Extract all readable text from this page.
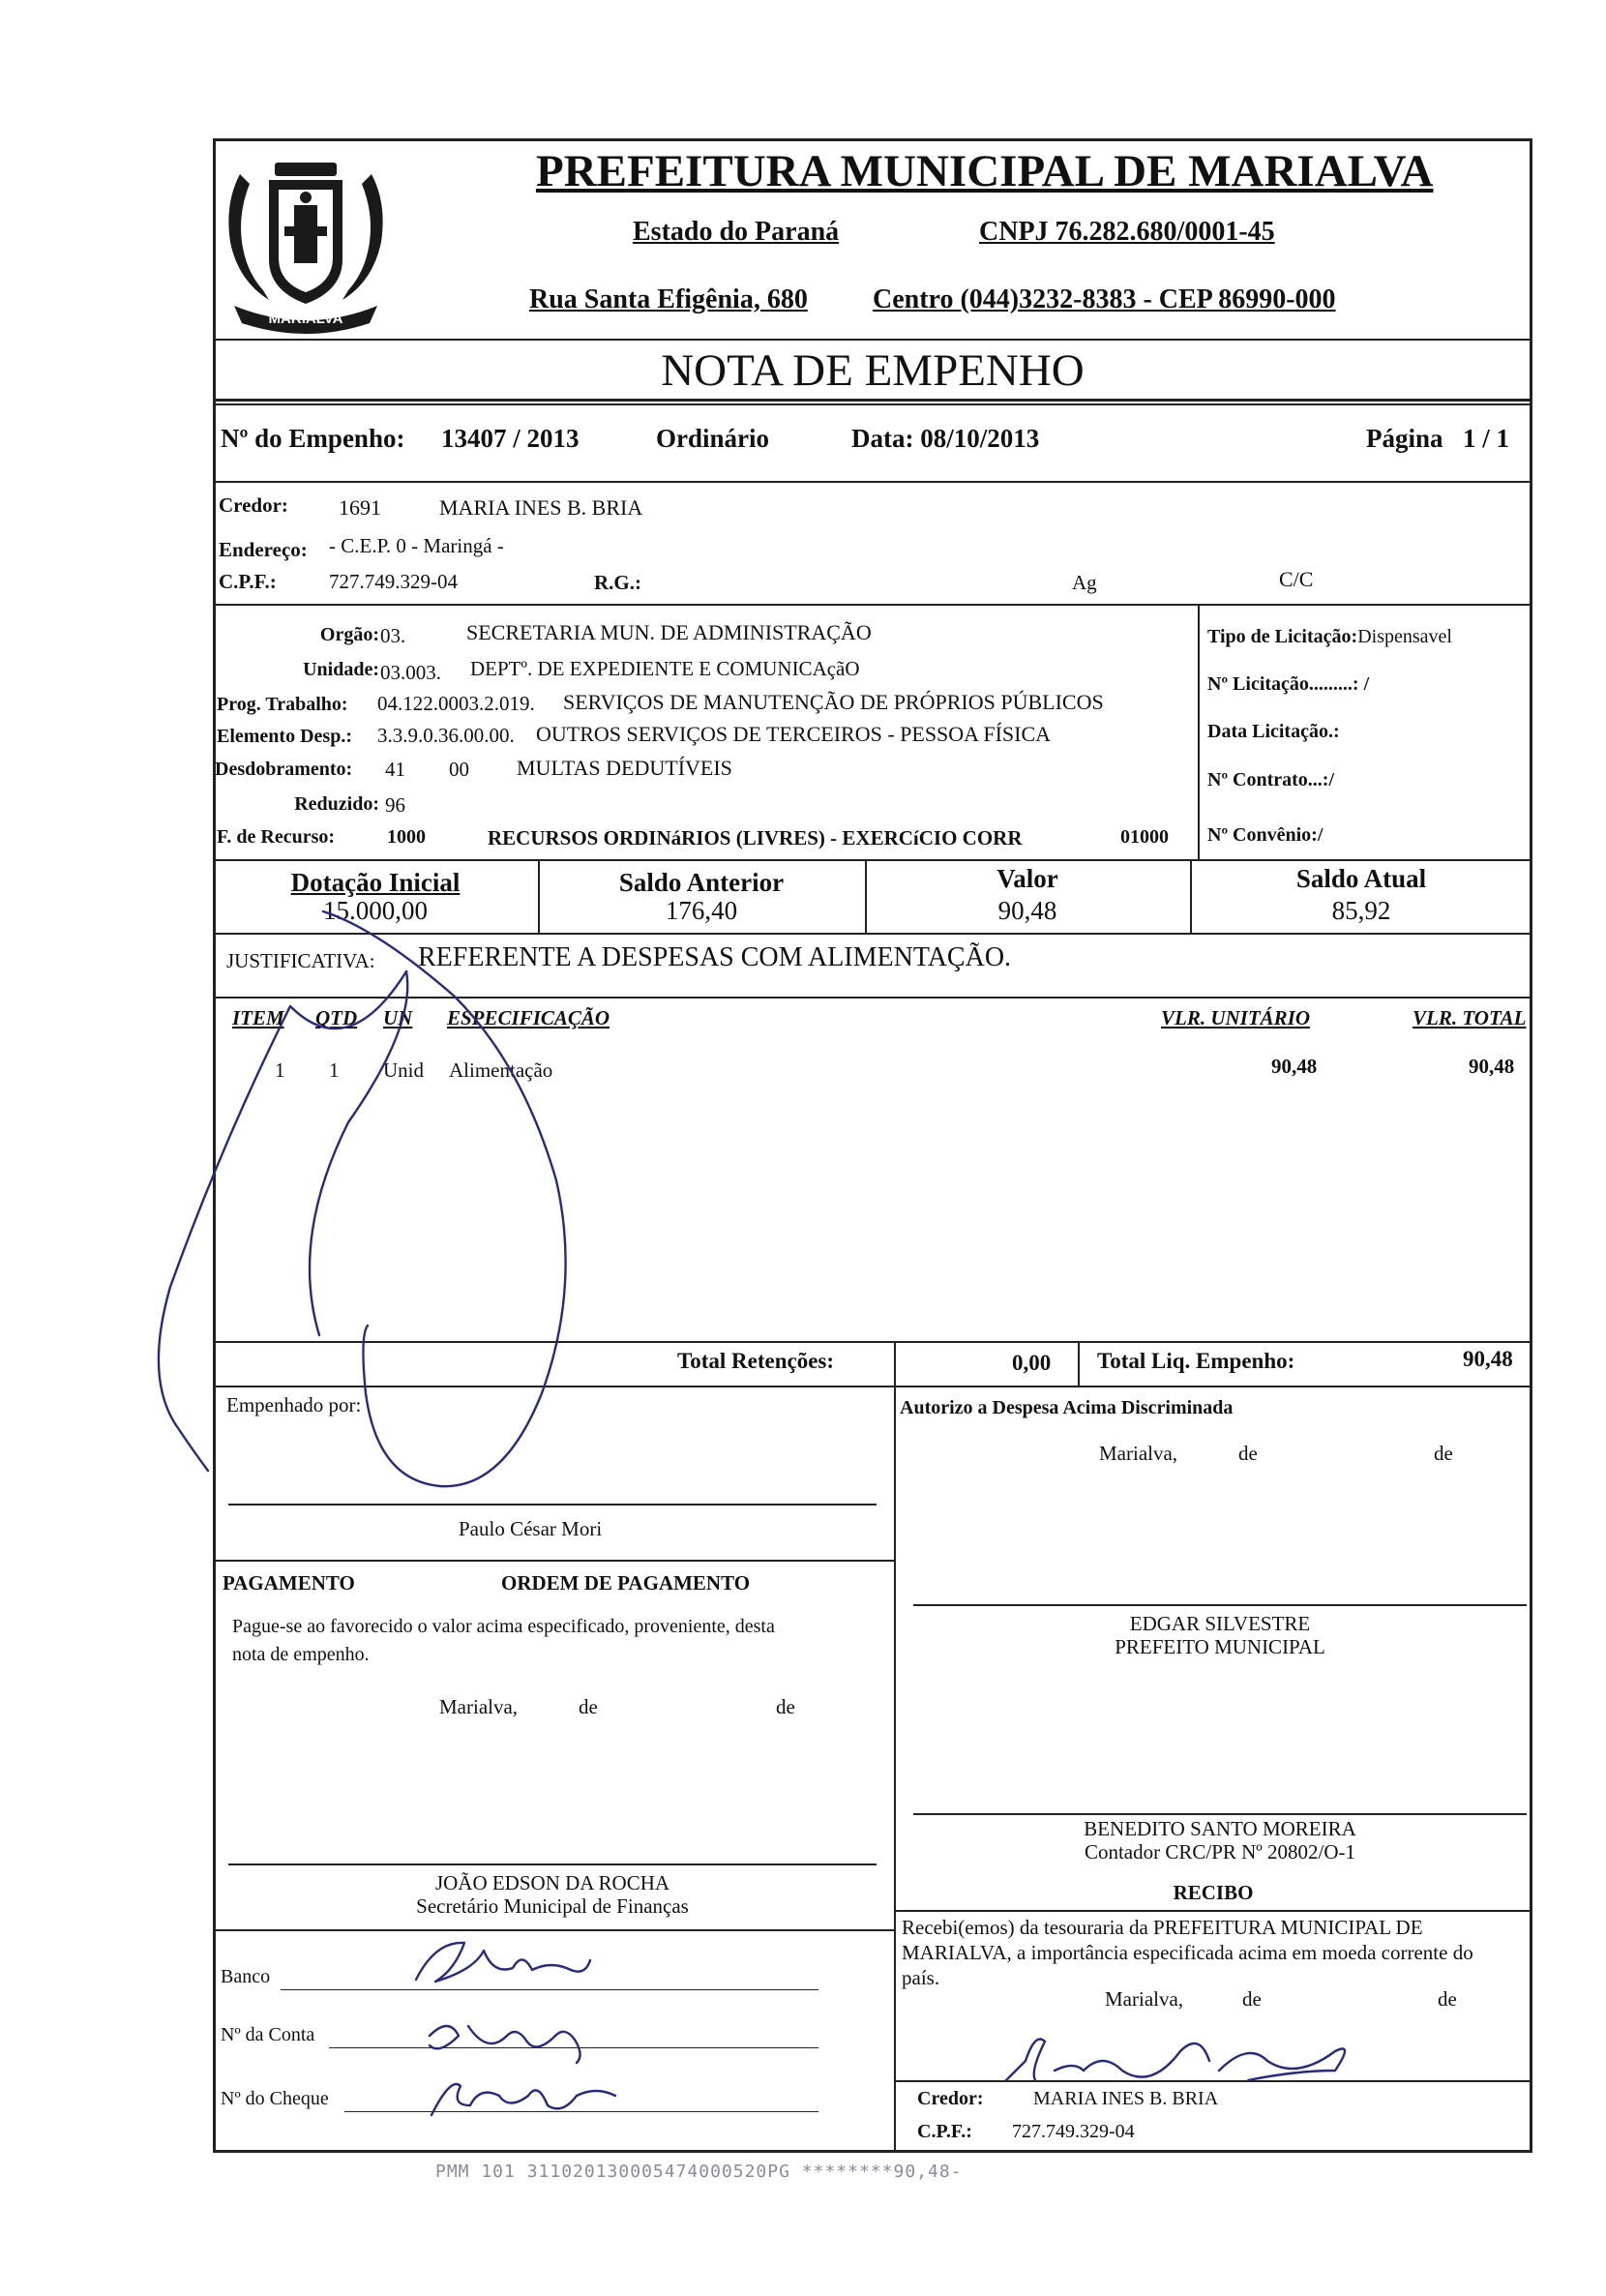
MARIALVA
PREFEITURA MUNICIPAL DE MARIALVA
Estado do Paraná	CNPJ 76.282.680/0001-45
Rua Santa Efigênia, 680 Centro (044)3232-8383 - CEP 86990-000
NOTA DE EMPENHO
Nº do Empenho: 13407 / 2013	Ordinário	Data: 08/10/2013	Página 1 / 1
Credor: 1691	MARIA INES B. BRIA
Endereço: - C.E.P. 0 - Maringá -
C.P.F.:	727.749.329-04	R.G.:	Ag	C/C
Orgão: 03.	SECRETARIA MUN. DE ADMINISTRAÇÃO
Unidade: 03.003. DEPTº. DE EXPEDIENTE E COMUNICAçãO
Prog. Trabalho: 04.122.0003.2.019. SERVIÇOS DE MANUTENÇÃO DE PRÓPRIOS PÚBLICOS
Elemento Desp.: 3.3.9.0.36.00.00. OUTROS SERVIÇOS DE TERCEIROS - PESSOA FÍSICA
Desdobramento: 41 00 MULTAS DEDUTÍVEIS
Reduzido: 96
F. de Recurso:	1000	RECURSOS ORDINáRIOS (LIVRES) - EXERCíCIO CORR	01000
Tipo de Licitação:Dispensavel
Nº Licitação.........: /
Data Licitação.:
Nº Contrato...:/
Nº Convênio:/
Dotação Inicial
15.000,00
Saldo Anterior
176,40
Valor
90,48
Saldo Atual
85,92
JUSTIFICATIVA: REFERENTE A DESPESAS COM ALIMENTAÇÃO.
ITEM QTD UN ESPECIFICAÇÃO	VLR. UNITÁRIO	VLR. TOTAL
1 1 Unid Alimentação	90,48	90,48
Total Retenções:	0,00 Total Liq. Empenho:	90,48
Empenhado por:
Paulo César Mori
Autorizo a Despesa Acima Discriminada
Marialva,	de	de
PAGAMENTO	ORDEM DE PAGAMENTO
Pague-se ao favorecido o valor acima especificado, proveniente, desta
nota de empenho.
Marialva,	de	de
EDGAR SILVESTRE
PREFEITO MUNICIPAL
BENEDITO SANTO MOREIRA
Contador CRC/PR Nº 20802/O-1
JOÃO EDSON DA ROCHA
Secretário Municipal de Finanças
Banco
Nº da Conta
Nº do Cheque
RECIBO
Recebi(emos) da tesouraria da PREFEITURA MUNICIPAL DE
MARIALVA, a importância especificada acima em moeda corrente do
país.
Marialva,	de	de
Credor:	MARIA INES B. BRIA
C.P.F.: 727.749.329-04
PMM 101 311020130005474000520PG ********90,48-
